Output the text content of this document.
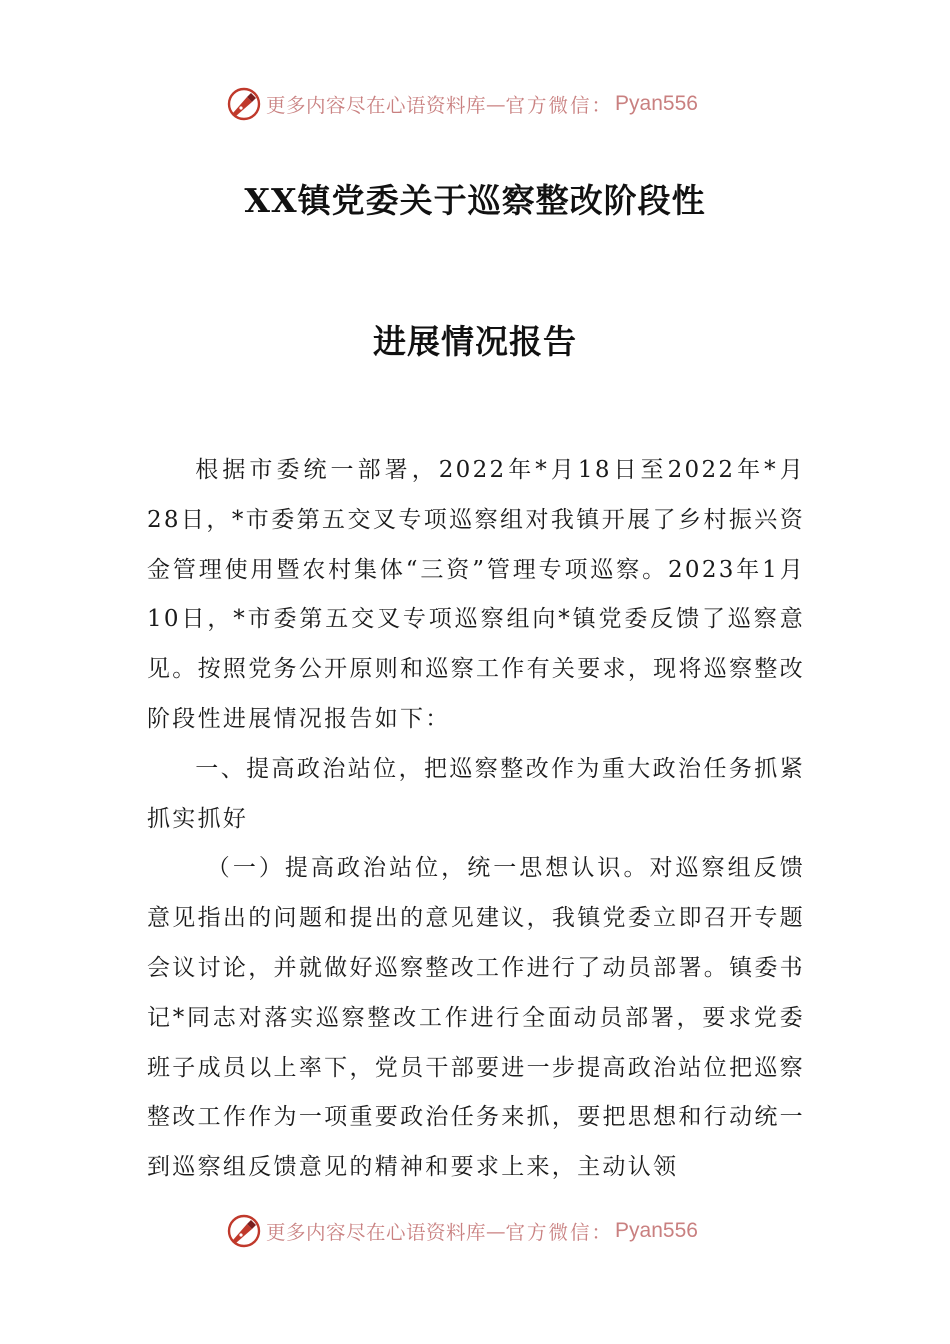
更多内容尽在心语资料库 — 官方微信： Pyan556
XX镇党委关于巡察整改阶段性
进展情况报告

根据市委统一部署，2022年*月18日至2022年*月28日，*市委第五交叉专项巡察组对我镇开展了乡村振兴资金管理使用暨农村集体“三资”管理专项巡察。2023年1月10日，*市委第五交叉专项巡察组向*镇党委反馈了巡察意见。按照党务公开原则和巡察工作有关要求，现将巡察整改阶段性进展情况报告如下：

一、提高政治站位，把巡察整改作为重大政治任务抓紧抓实抓好

（一）提高政治站位，统一思想认识。对巡察组反馈意见指出的问题和提出的意见建议，我镇党委立即召开专题会议讨论，并就做好巡察整改工作进行了动员部署。镇委书记*同志对落实巡察整改工作进行全面动员部署，要求党委班子成员以上率下，党员干部要进一步提高政治站位把巡察整改工作作为一项重要政治任务来抓，要把思想和行动统一到巡察组反馈意见的精神和要求上来，主动认领

更多内容尽在心语资料库 — 官方微信： Pyan556
